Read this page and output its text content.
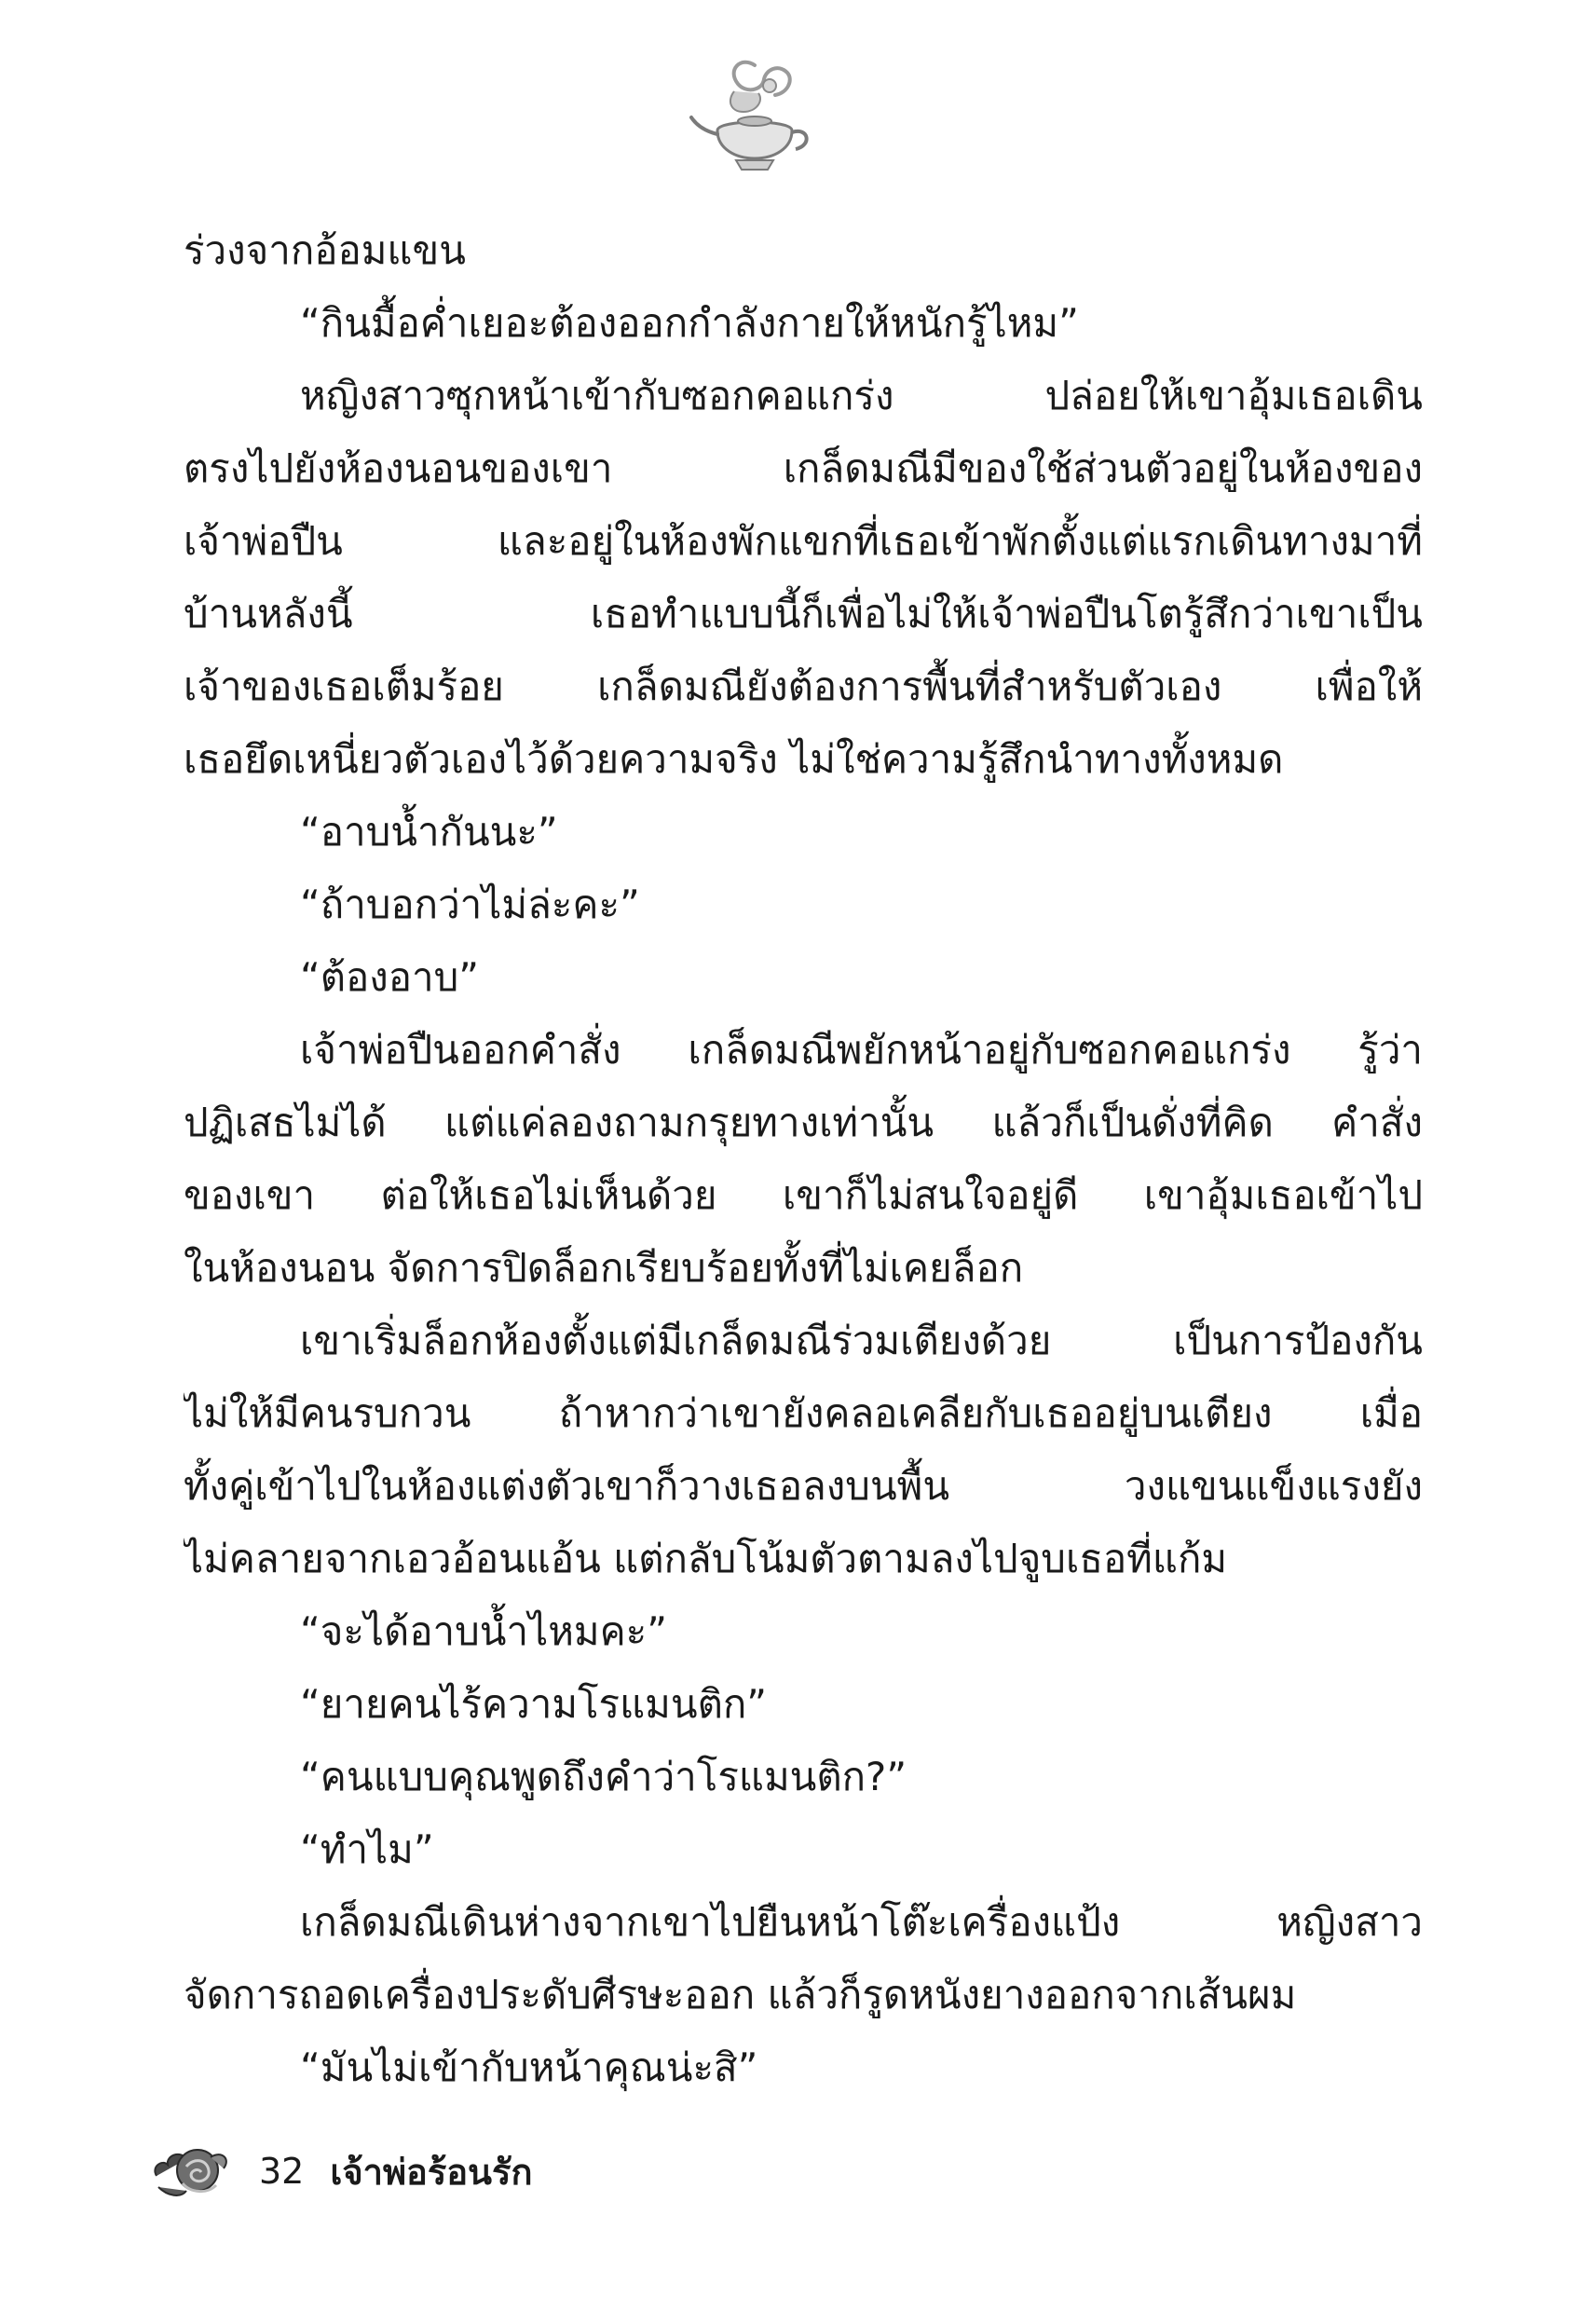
ร่วงจากอ้อมแขน

“กินมื้อค่ำเยอะต้องออกกำลังกายให้หนักรู้ไหม”

หญิงสาวซุกหน้าเข้ากับซอกคอแกร่ง ปล่อยให้เขาอุ้มเธอเดิน
ตรงไปยังห้องนอนของเขา เกล็ดมณีมีของใช้ส่วนตัวอยู่ในห้องของ
เจ้าพ่อปืน และอยู่ในห้องพักแขกที่เธอเข้าพักตั้งแต่แรกเดินทางมาที่
บ้านหลังนี้ เธอทำแบบนี้ก็เพื่อไม่ให้เจ้าพ่อปืนโตรู้สึกว่าเขาเป็น
เจ้าของเธอเต็มร้อย เกล็ดมณียังต้องการพื้นที่สำหรับตัวเอง เพื่อให้
เธอยึดเหนี่ยวตัวเองไว้ด้วยความจริง ไม่ใช่ความรู้สึกนำทางทั้งหมด

“อาบน้ำกันนะ”

“ถ้าบอกว่าไม่ล่ะคะ”

“ต้องอาบ”

เจ้าพ่อปืนออกคำสั่ง เกล็ดมณีพยักหน้าอยู่กับซอกคอแกร่ง รู้ว่า
ปฏิเสธไม่ได้ แต่แค่ลองถามกรุยทางเท่านั้น แล้วก็เป็นดั่งที่คิด คำสั่ง
ของเขา ต่อให้เธอไม่เห็นด้วย เขาก็ไม่สนใจอยู่ดี เขาอุ้มเธอเข้าไป
ในห้องนอน จัดการปิดล็อกเรียบร้อยทั้งที่ไม่เคยล็อก

เขาเริ่มล็อกห้องตั้งแต่มีเกล็ดมณีร่วมเตียงด้วย เป็นการป้องกัน
ไม่ให้มีคนรบกวน ถ้าหากว่าเขายังคลอเคลียกับเธออยู่บนเตียง เมื่อ
ทั้งคู่เข้าไปในห้องแต่งตัวเขาก็วางเธอลงบนพื้น วงแขนแข็งแรงยัง
ไม่คลายจากเอวอ้อนแอ้น แต่กลับโน้มตัวตามลงไปจูบเธอที่แก้ม

“จะได้อาบน้ำไหมคะ”

“ยายคนไร้ความโรแมนติก”

“คนแบบคุณพูดถึงคำว่าโรแมนติก?”

“ทำไม”

เกล็ดมณีเดินห่างจากเขาไปยืนหน้าโต๊ะเครื่องแป้ง หญิงสาว
จัดการถอดเครื่องประดับศีรษะออก แล้วก็รูดหนังยางออกจากเส้นผม

“มันไม่เข้ากับหน้าคุณน่ะสิ”

32 เจ้าพ่อร้อนรัก
